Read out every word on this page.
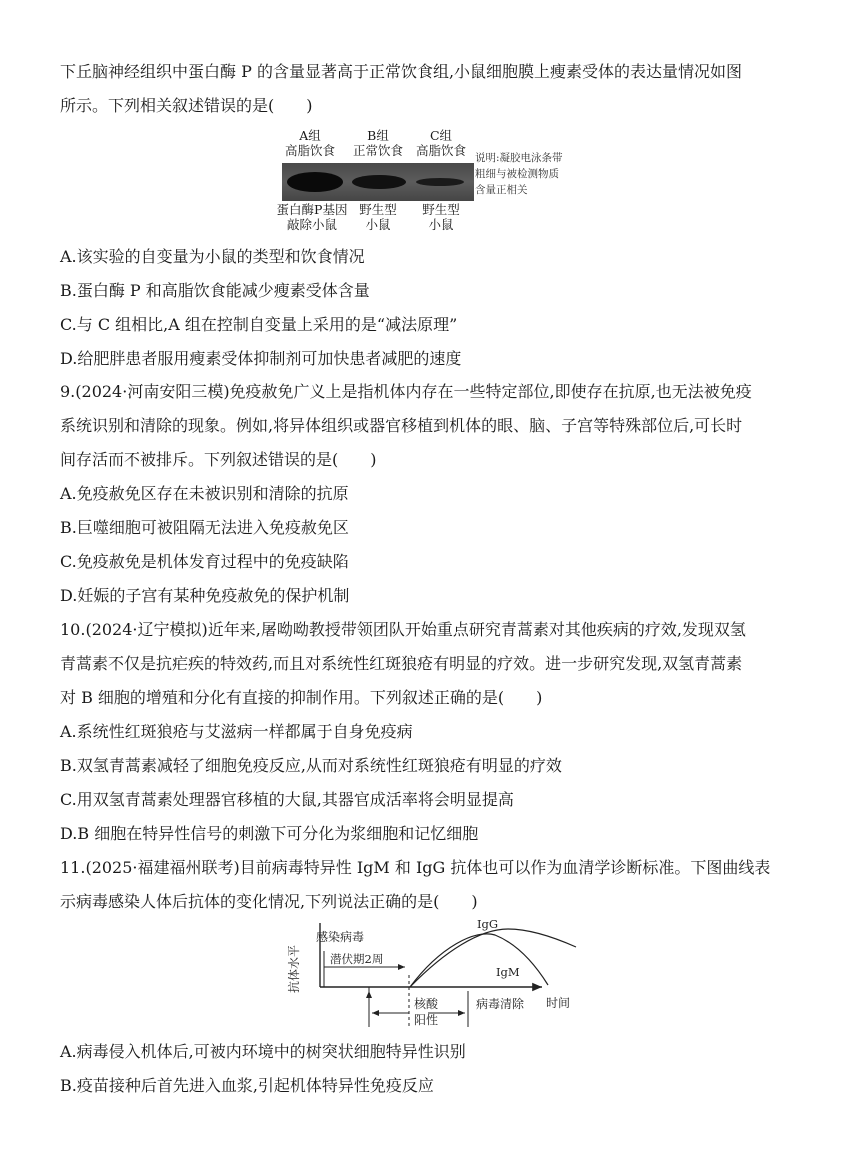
下丘脑神经组织中蛋白酶 P 的含量显著高于正常饮食组,小鼠细胞膜上瘦素受体的表达量情况如图
所示。下列相关叙述错误的是(　　)
A组
高脂饮食
B组
正常饮食
C组
高脂饮食 说明:凝胶电泳条带
粗细与被检测物质
含量正相关
蛋白酶P基因
敲除小鼠
野生型
小鼠
野生型
小鼠
A.该实验的自变量为小鼠的类型和饮食情况
B.蛋白酶 P 和高脂饮食能减少瘦素受体含量
C.与 C 组相比,A 组在控制自变量上采用的是“减法原理”
D.给肥胖患者服用瘦素受体抑制剂可加快患者减肥的速度
9.(2024·河南安阳三模)免疫赦免广义上是指机体内存在一些特定部位,即使存在抗原,也无法被免疫
系统识别和清除的现象。例如,将异体组织或器官移植到机体的眼、脑、子宫等特殊部位后,可长时
间存活而不被排斥。下列叙述错误的是(　　)
A.免疫赦免区存在未被识别和清除的抗原
B.巨噬细胞可被阻隔无法进入免疫赦免区
C.免疫赦免是机体发育过程中的免疫缺陷
D.妊娠的子宫有某种免疫赦免的保护机制
10.(2024·辽宁模拟)近年来,屠呦呦教授带领团队开始重点研究青蒿素对其他疾病的疗效,发现双氢
青蒿素不仅是抗疟疾的特效药,而且对系统性红斑狼疮有明显的疗效。进一步研究发现,双氢青蒿素
对 B 细胞的增殖和分化有直接的抑制作用。下列叙述正确的是(　　)
A.系统性红斑狼疮与艾滋病一样都属于自身免疫病
B.双氢青蒿素减轻了细胞免疫反应,从而对系统性红斑狼疮有明显的疗效
C.用双氢青蒿素处理器官移植的大鼠,其器官成活率将会明显提高
D.B 细胞在特异性信号的刺激下可分化为浆细胞和记忆细胞
11.(2025·福建福州联考)目前病毒特异性 IgM 和 IgG 抗体也可以作为血清学诊断标准。下图曲线表
示病毒感染人体后抗体的变化情况,下列说法正确的是(　　)
抗体水平
感染病毒
潜伏期2周
IgG
IgM
核酸
阳性
病毒清除 时间
A.病毒侵入机体后,可被内环境中的树突状细胞特异性识别
B.疫苗接种后首先进入血浆,引起机体特异性免疫反应
